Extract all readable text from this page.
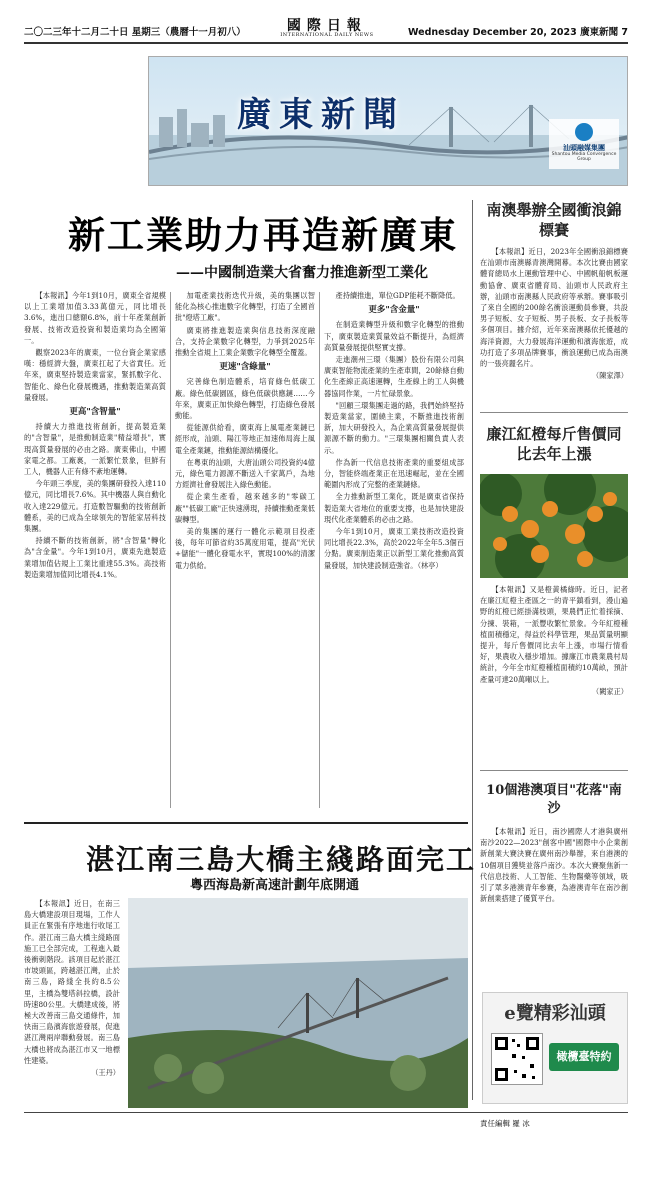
二〇二三年十二月二十日 星期三（農曆十一月初八）	國際日報
INTERNATIONAL DAILY NEWS	Wednesday December 20, 2023 廣東新聞 7
廣東新聞
汕頭融媒集團
Shantou Media Convergence Group
新工業助力再造新廣東
——中國制造業大省奮力推進新型工業化

【本報訊】今年1到10月，廣東全省規模以上工業增加值3.33萬億元，同比增長3.6%，進出口總額6.8%，前十年產業創新發展、技術改造投資和製造業均為全國第一。

觀察2023年的廣東，一位台資企業家感嘆：穩經濟大盤，廣東扛起了大省責任。近年來，廣東堅持製造業當家，緊抓數字化、智能化、綠色化發展機遇，推動製造業高質量發展。

更高"含智量"

持續大力推進技術創新，提高製造業的"含智量"，是推動制造業"精益增長"，實現高質量發展的必由之路。廣東佛山，中國家電之都。工廠裏，一派繁忙景象，但鮮有工人，機器人正有條不紊地運轉。

今年頭三季度，美的集團研發投入達110億元，同比增長7.6%。其中機器人與自動化收入達229億元。打造數智驅動的技術創新體系，美的已成為全球領先的智能家居科技集團。

持續不斷的技術創新，將"含智量"轉化為"含金量"。今年1到10月，廣東先進製造業增加值佔規上工業比重達55.3%。高技術製造業增加值同比增長4.1%。

加電產業技術迭代升級，美的集團以智能化為核心推進數字化轉型，打造了全國首批"燈塔工廠"。

廣東將推進製造業與信息技術深度融合，支持企業數字化轉型，力爭到2025年推動全省規上工業企業數字化轉型全覆蓋。

更速"含綠量"

完善綠色制造體系，培育綠色低碳工廠。綠色低碳園區，綠色低碳供應鏈……今年來，廣東正加快綠色轉型，打造綠色發展動能。

從能源供給看，廣東海上風電產業鏈已經形成，汕頭、陽江等地正加速佈局海上風電全產業鏈，推動能源結構優化。

在粵東的汕頭，大唐汕頭公司投資約4億元，綠色電力源源不斷送入千家萬戶，為地方經濟社會發展注入綠色動能。

從企業生產看，越來越多的"零碳工廠""低碳工廠"正快速湧現，持續推動產業低碳轉型。

美的集團的運行一體化示範項目投產後，每年可節省約35萬度用電，提高"光伏+儲能"一體化發電水平，實現100%的清潔電力供給。

產持續推進，單位GDP能耗不斷降低。

更多"含金量"

在制造業轉型升級和數字化轉型的推動下，廣東製造業質量效益不斷提升，為經濟高質量發展提供堅實支撐。

走進潮州三環（集團）股份有限公司與廣東智能物流產業的生產車間，20餘條自動化生產線正高速運轉，生產線上的工人與機器協同作業，一片忙碌景象。

"回顧三環集團走過的路，我們始終堅持製造業當家，圍繞主業，不斷推進技術創新，加大研發投入，為企業高質量發展提供源源不斷的動力。"三環集團相關負責人表示。

作為新一代信息技術產業的重要組成部分，智能終端產業正在迅速崛起，並在全國範圍內形成了完整的產業鏈條。

全力推動新型工業化，既是廣東省保持製造業大省地位的重要支撐，也是加快建設現代化產業體系的必由之路。

今年1到10月，廣東工業技術改造投資同比增長22.3%，高於2022年全年5.3個百分點。廣東制造業正以新型工業化推動高質量發展，加快建設制造強省。（林亭）

南澳舉辦全國衝浪錦標賽

【本報訊】近日，2023年全國衝浪錦標賽在汕頭市南澳縣青澳灣開幕。本次比賽由國家體育總局水上運動管理中心、中國帆船帆板運動協會、廣東省體育局、汕頭市人民政府主辦，汕頭市南澳縣人民政府等承辦。賽事吸引了來自全國的200餘名衝浪運動員參賽，共設男子短板、女子短板、男子長板、女子長板等多個項目。據介紹，近年來南澳縣依托優越的海洋資源，大力發展海洋運動和濱海旅遊，成功打造了多項品牌賽事，衝浪運動已成為南澳的一張亮麗名片。

（陳家澤）

廉江紅橙每斤售價同比去年上漲

【本報訊】又是橙黃橘綠時。近日，記者在廉江紅橙主產區之一的青平鎮看到，漫山遍野的紅橙已經掛滿枝頭，果農們正忙着採摘、分揀、裝箱，一派豐收繁忙景象。今年紅橙種植面積穩定，得益於科學管理，果品質量明顯提升，每斤售價同比去年上漲，市場行情看好，果農收入穩步增加。據廉江市農業農村局統計，今年全市紅橙種植面積約10萬畝，預計產量可達20萬噸以上。

（闕家正）

10個港澳項目"花落"南沙

【本報訊】近日，南沙國際人才港與廣州南沙2022—2023"創客中國"國際中小企業創新創業大賽決賽在廣州南沙舉辦，來自港澳的10個項目獲獎並落戶南沙。本次大賽聚焦新一代信息技術、人工智能、生物醫藥等領域，吸引了眾多港澳青年參賽，為港澳青年在南沙創新創業搭建了優質平台。

e覽精彩汕頭
橄欖臺特約
湛江南三島大橋主綫路面完工
粵西海島新高速計劃年底開通

【本報訊】近日，在南三島大橋建設項目現場，工作人員正在緊張有序地進行收尾工作。湛江南三島大橋主綫路面施工已全部完成，工程進入最後衝刺階段。該項目起於湛江市坡頭區，跨越湛江灣，止於南三島，路綫全長約8.5公里，主橋為雙塔斜拉橋，設計時速80公里。大橋建成後，將極大改善南三島交通條件，加快南三島濱海旅遊發展，促進湛江灣兩岸聯動發展。南三島大橋也將成為湛江市又一地標性建築。

（王丹）

責任編輯 羅 冰
